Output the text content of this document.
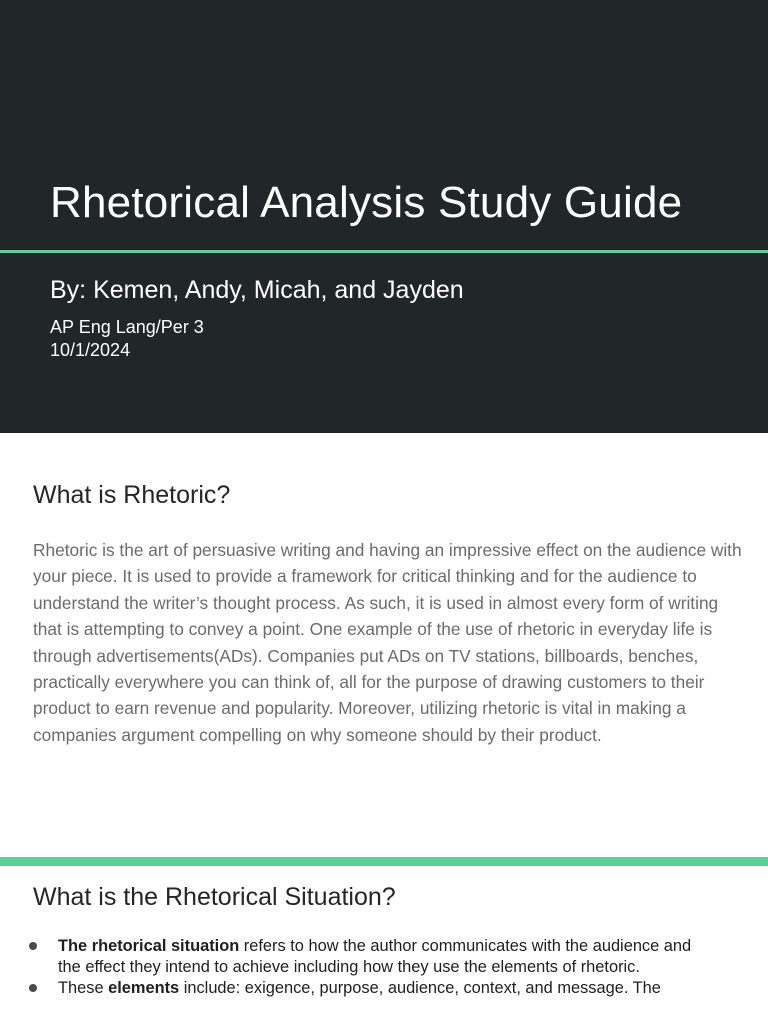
Rhetorical Analysis Study Guide
By: Kemen, Andy, Micah, and Jayden
AP Eng Lang/Per 3
10/1/2024
What is Rhetoric?

Rhetoric is the art of persuasive writing and having an impressive effect on the audience with your piece. It is used to provide a framework for critical thinking and for the audience to understand the writer’s thought process. As such, it is used in almost every form of writing that is attempting to convey a point. One example of the use of rhetoric in everyday life is through advertisements(ADs). Companies put ADs on TV stations, billboards, benches, practically everywhere you can think of, all for the purpose of drawing customers to their product to earn revenue and popularity. Moreover, utilizing rhetoric is vital in making a companies argument compelling on why someone should by their product.

What is the Rhetorical Situation?
The rhetorical situation refers to how the author communicates with the audience and the effect they intend to achieve including how they use the elements of rhetoric.
These elements include: exigence, purpose, audience, context, and message. The
